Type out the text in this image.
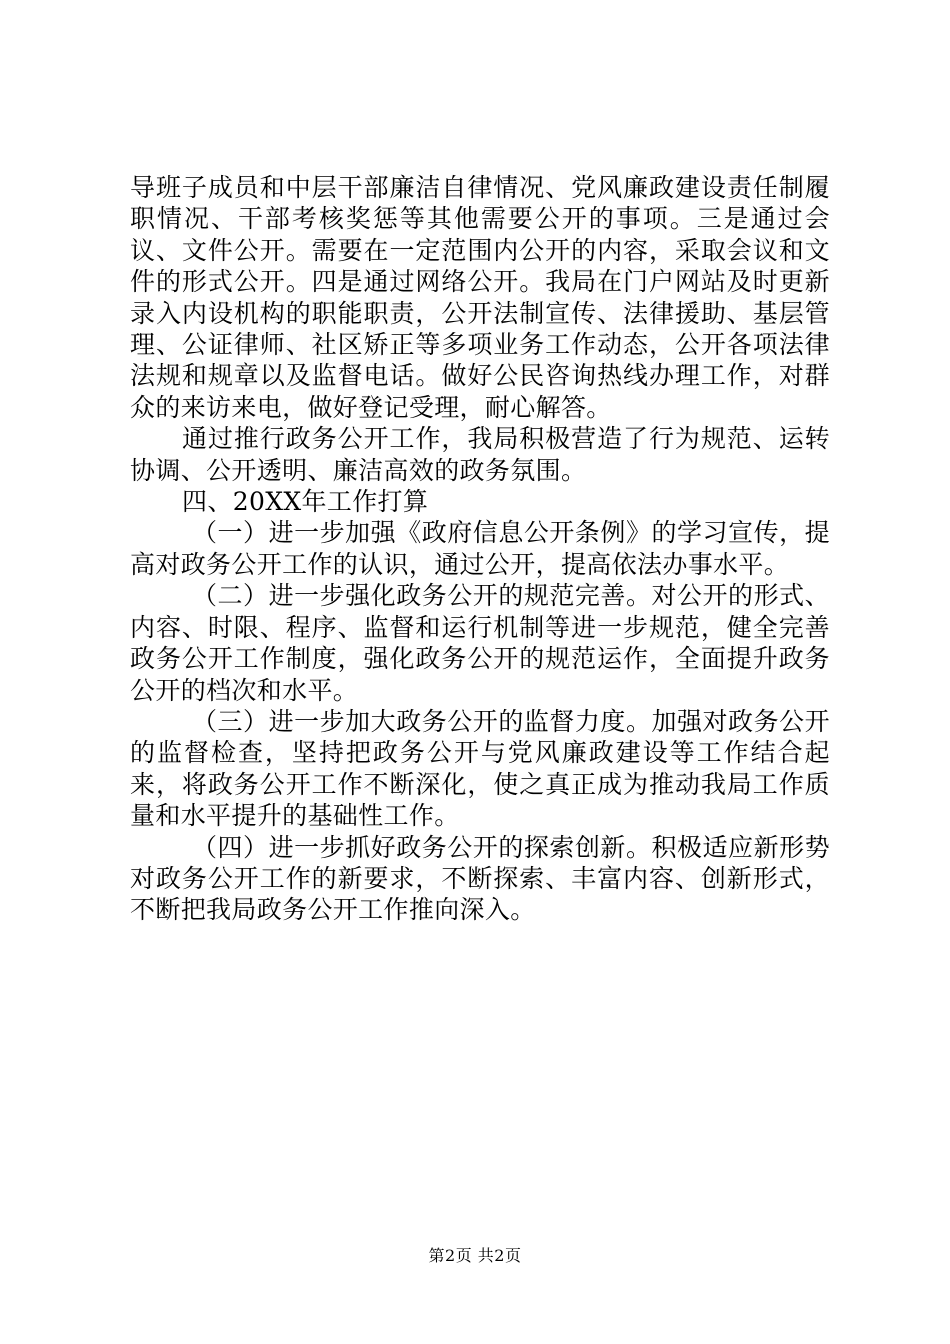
导班子成员和中层干部廉洁自律情况、党风廉政建设责任制履职情况、干部考核奖惩等其他需要公开的事项。三是通过会议、文件公开。需要在一定范围内公开的内容，采取会议和文件的形式公开。四是通过网络公开。我局在门户网站及时更新录入内设机构的职能职责，公开法制宣传、法律援助、基层管理、公证律师、社区矫正等多项业务工作动态，公开各项法律法规和规章以及监督电话。做好公民咨询热线办理工作，对群众的来访来电，做好登记受理，耐心解答。

通过推行政务公开工作，我局积极营造了行为规范、运转协调、公开透明、廉洁高效的政务氛围。

四、20XX年工作打算

（一）进一步加强《政府信息公开条例》的学习宣传，提高对政务公开工作的认识，通过公开，提高依法办事水平。

（二）进一步强化政务公开的规范完善。对公开的形式、内容、时限、程序、监督和运行机制等进一步规范，健全完善政务公开工作制度，强化政务公开的规范运作，全面提升政务公开的档次和水平。

（三）进一步加大政务公开的监督力度。加强对政务公开的监督检查，坚持把政务公开与党风廉政建设等工作结合起来，将政务公开工作不断深化，使之真正成为推动我局工作质量和水平提升的基础性工作。

（四）进一步抓好政务公开的探索创新。积极适应新形势对政务公开工作的新要求，不断探索、丰富内容、创新形式，不断把我局政务公开工作推向深入。

第2页 共2页
